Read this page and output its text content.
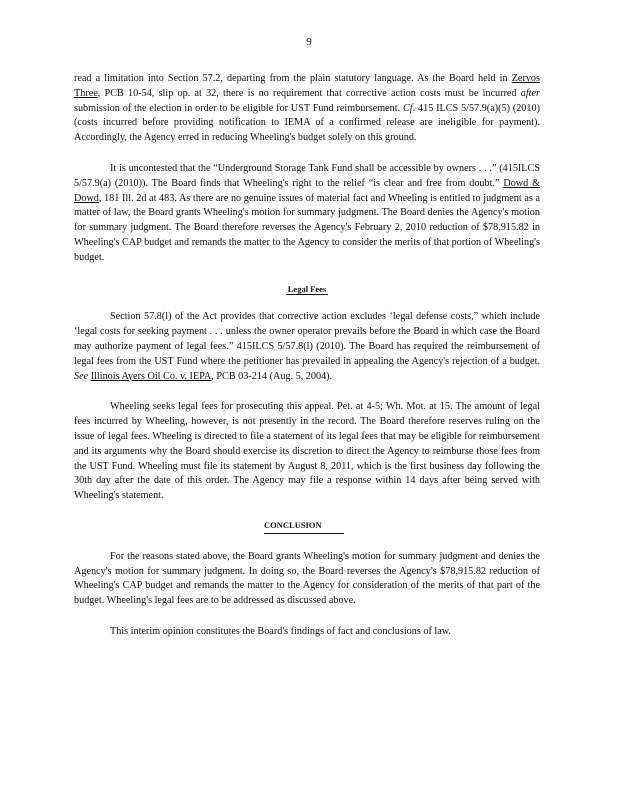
9

read a limitation into Section 57.2, departing from the plain statutory language. As the Board held in Zervos Three, PCB 10-54, slip op. at 32, there is no requirement that corrective action costs must be incurred after submission of the election in order to be eligible for UST Fund reimbursement. Cf. 415 ILCS 5/57.9(a)(5) (2010) (costs incurred before providing notification to IEMA of a confirmed release are ineligible for payment). Accordingly, the Agency erred in reducing Wheeling's budget solely on this ground.

It is uncontested that the “Underground Storage Tank Fund shall be accessible by owners . . .” (415ILCS 5/57.9(a) (2010)). The Board finds that Wheeling's right to the relief “is clear and free from doubt.” Dowd & Dowd, 181 Ill. 2d at 483. As there are no genuine issues of material fact and Wheeling is entitled to judgment as a matter of law, the Board grants Wheeling's motion for summary judgment. The Board denies the Agency's motion for summary judgment. The Board therefore reverses the Agency's February 2, 2010 reduction of $78,915.82 in Wheeling's CAP budget and remands the matter to the Agency to consider the merits of that portion of Wheeling's budget.

Legal Fees

Section 57.8(l) of the Act provides that corrective action excludes ‘legal defense costs,” which include ‘legal costs for seeking payment . . . unless the owner operator prevails before the Board in which case the Board may authorize payment of legal fees.” 415ILCS 5/57.8(l) (2010). The Board has required the reimbursement of legal fees from the UST Fund where the petitioner has prevailed in appealing the Agency's rejection of a budget. See Illinois Ayers Oil Co. v. IEPA, PCB 03-214 (Aug. 5, 2004).

Wheeling seeks legal fees for prosecuting this appeal. Pet. at 4-5; Wh. Mot. at 15. The amount of legal fees incurred by Wheeling, however, is not presently in the record. The Board therefore reserves ruling on the issue of legal fees. Wheeling is directed to file a statement of its legal fees that may be eligible for reimbursement and its arguments why the Board should exercise its discretion to direct the Agency to reimburse those fees from the UST Fund. Wheeling must file its statement by August 8, 2011, which is the first business day following the 30th day after the date of this order. The Agency may file a response within 14 days after being served with Wheeling's statement.

CONCLUSION

For the reasons stated above, the Board grants Wheeling's motion for summary judgment and denies the Agency's motion for summary judgment. In doing so, the Board reverses the Agency's $78,915.82 reduction of Wheeling's CAP budget and remands the matter to the Agency for consideration of the merits of that part of the budget. Wheeling's legal fees are to be addressed as discussed above.

This interim opinion constitutes the Board's findings of fact and conclusions of law.
